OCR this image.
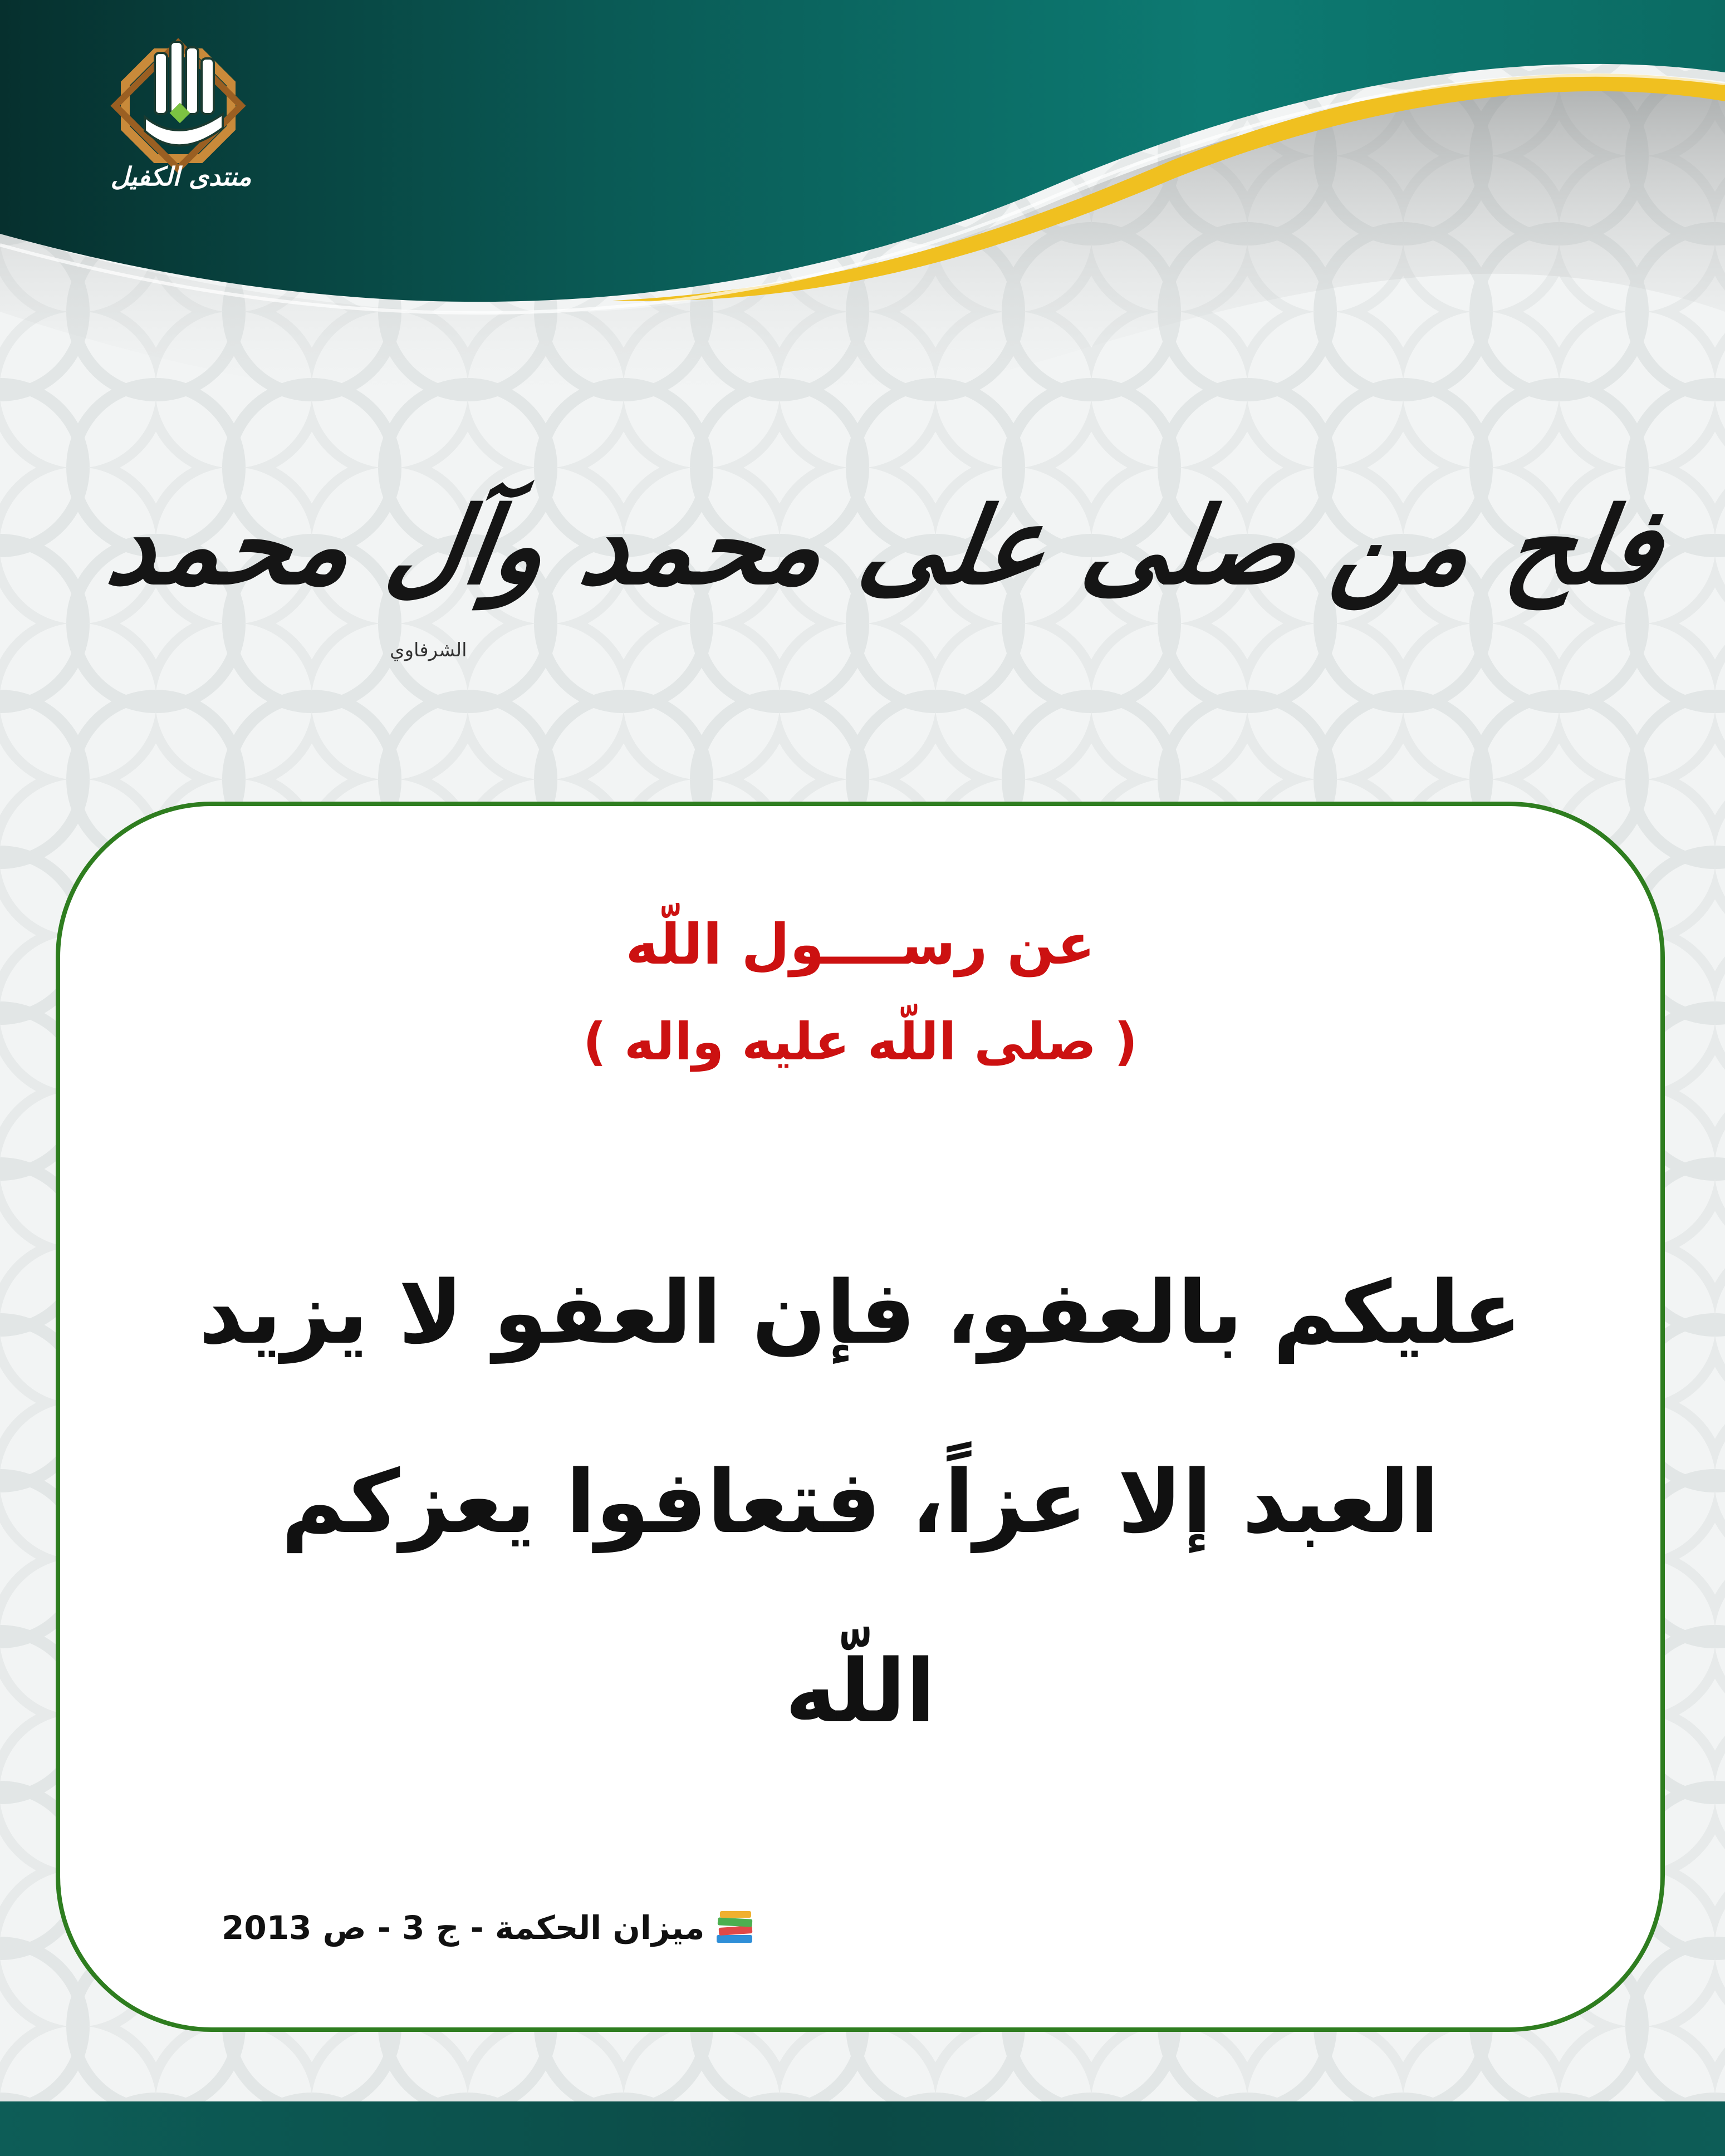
منتدى الكفيل
فلح من صلى على محمد وآل محمد
الشرفاوي
عن رســــول اللّه
( صلى اللّه عليه واله )
عليكم بالعفو، فإن العفو لا يزيد
العبد إلا عزاً، فتعافوا يعزكم
اللّه
ميزان الحكمة - ج 3 - ص 2013
